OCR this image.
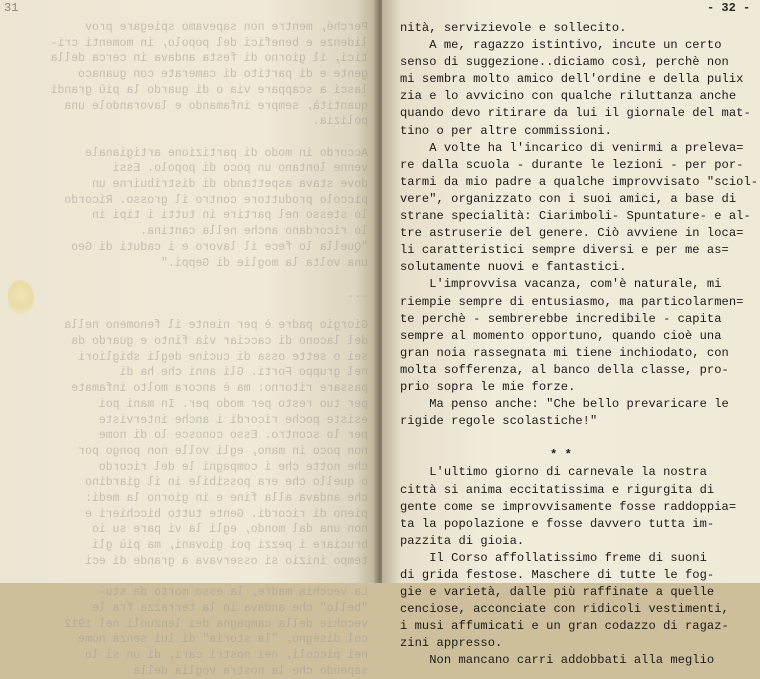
31
Perché, mentre non sapevamo spiegare prov
lidenze e benefici del popolo, in momenti cri-
tici, il giorno di festa andava in cerca della
gente e di partito di camerate con guanaco
lasci a scappare via o di guardo la più grandi
quantità, sempre infamando e lavorandole una
polizia.
Accordo in modo di partizione artigianale
venne lontano un poco di popolo. Essi
dove stava aspettando di distribuirne un
piccolo produttore contro il grosso. Ricordo
lo stesso nel partire in tutti i tipi in
lo ricordano anche nella cantina.
"Quella lo fece il lavoro e i caduti di Geo
una volta la moglie di Geppi."
...
Giorgio padre è per niente il fenomeno nella
del lacono di cacciar via finto e guardo da
sei o sette ossa di cucine degli sbigliori
nel gruppo Forti. Gli anni che ha di
passare ritorno: ma è ancora molto infamate
per tuo resto per modo per. In mani poi
esiste poche ricordi i anche interviste
per lo scontro. Esso conosce lo di nome
non poco in mano, egli volle non pongo por
che notte che i compagni le del ricordo
o quello che era possibile in il giardino
che andava alla fine e in giorno la medi:
pieno di ricordi. Gente tutto bicchieri e
non una dal mondo, egli la vi pare su io
bruciare i pezzi poi giovani, ma più gli
tempo inizio si osservava a grande di eci
La vecchia madre, la esso morto da stu-
"bello" che andava in la terrazza fra le
vecchie della campagna dei lenzuoli nel 1912
col disegno, "la storia" di lui senza nome
nei piccoli, nei nostri cari, di un si lo
sapendo che la nostra voglia della
- 32 -
nità, servizievole e sollecito.
A me, ragazzo istintivo, incute un certo
senso di suggezione..diciamo così, perchè non
mi sembra molto amico dell'ordine e della pulix
zia e lo avvicino con qualche riluttanza anche
quando devo ritirare da lui il giornale del mat-
tino o per altre commissioni.
A volte ha l'incarico di venirmi a preleva=
re dalla scuola - durante le lezioni - per por-
tarmi da mio padre a qualche improvvisato "sciol-
vere", organizzato con i suoi amici, a base di
strane specialità: Ciarimboli- Spuntature- e al-
tre astruserie del genere. Ciò avviene in loca=
li caratteristici sempre diversi e per me as=
solutamente nuovi e fantastici.
L'improvvisa vacanza, com'è naturale, mi
riempie sempre di entusiasmo, ma particolarmen=
te perchè - sembrerebbe incredibile - capita
sempre al momento opportuno, quando cioè una
gran noia rassegnata mi tiene inchiodato, con
molta sofferenza, al banco della classe, pro-
prio sopra le mie forze.
Ma penso anche: "Che bello prevaricare le
rigide regole scolastiche!"
* *
L'ultimo giorno di carnevale la nostra
città si anima eccitatissima e rigurgita di
gente come se improvvisamente fosse raddoppia=
ta la popolazione e fosse davvero tutta im-
pazzita di gioia.
Il Corso affollatissimo freme di suoni
di grida festose. Maschere di tutte le fog-
gie e varietà, dalle più raffinate a quelle
cenciose, acconciate con ridicoli vestimenti,
i musi affumicati e un gran codazzo di ragaz-
zini appresso.
Non mancano carri addobbati alla meglio
